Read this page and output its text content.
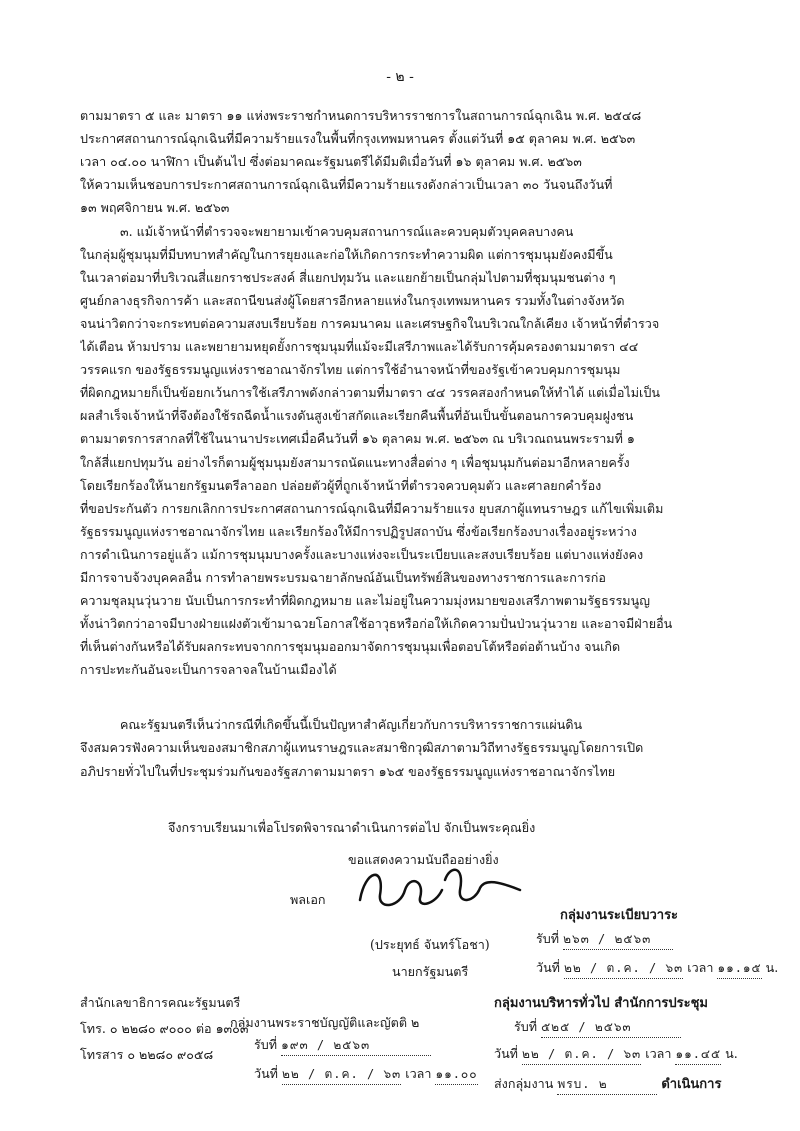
- ๒ -
ตามมาตรา ๕ และ มาตรา ๑๑ แห่งพระราชกำหนดการบริหารราชการในสถานการณ์ฉุกเฉิน พ.ศ. ๒๕๔๘
ประกาศสถานการณ์ฉุกเฉินที่มีความร้ายแรงในพื้นที่กรุงเทพมหานคร ตั้งแต่วันที่ ๑๕ ตุลาคม พ.ศ. ๒๕๖๓
เวลา ๐๔.๐๐ นาฬิกา เป็นต้นไป ซึ่งต่อมาคณะรัฐมนตรีได้มีมติเมื่อวันที่ ๑๖ ตุลาคม พ.ศ. ๒๕๖๓
ให้ความเห็นชอบการประกาศสถานการณ์ฉุกเฉินที่มีความร้ายแรงดังกล่าวเป็นเวลา ๓๐ วันจนถึงวันที่
๑๓ พฤศจิกายน พ.ศ. ๒๕๖๓
๓. แม้เจ้าหน้าที่ตำรวจจะพยายามเข้าควบคุมสถานการณ์และควบคุมตัวบุคคลบางคน
ในกลุ่มผู้ชุมนุมที่มีบทบาทสำคัญในการยุยงและก่อให้เกิดการกระทำความผิด แต่การชุมนุมยังคงมีขึ้น
ในเวลาต่อมาที่บริเวณสี่แยกราชประสงค์ สี่แยกปทุมวัน และแยกย้ายเป็นกลุ่มไปตามที่ชุมนุมชนต่าง ๆ
ศูนย์กลางธุรกิจการค้า และสถานีขนส่งผู้โดยสารอีกหลายแห่งในกรุงเทพมหานคร รวมทั้งในต่างจังหวัด
จนน่าวิตกว่าจะกระทบต่อความสงบเรียบร้อย การคมนาคม และเศรษฐกิจในบริเวณใกล้เคียง เจ้าหน้าที่ตำรวจ
ได้เตือน ห้ามปราม และพยายามหยุดยั้งการชุมนุมที่แม้จะมีเสรีภาพและได้รับการคุ้มครองตามมาตรา ๔๔
วรรคแรก ของรัฐธรรมนูญแห่งราชอาณาจักรไทย แต่การใช้อำนาจหน้าที่ของรัฐเข้าควบคุมการชุมนุม
ที่ผิดกฎหมายก็เป็นข้อยกเว้นการใช้เสรีภาพดังกล่าวตามที่มาตรา ๔๔ วรรคสองกำหนดให้ทำได้ แต่เมื่อไม่เป็น
ผลสำเร็จเจ้าหน้าที่จึงต้องใช้รถฉีดน้ำแรงดันสูงเข้าสกัดและเรียกคืนพื้นที่อันเป็นขั้นตอนการควบคุมฝูงชน
ตามมาตรการสากลที่ใช้ในนานาประเทศเมื่อคืนวันที่ ๑๖ ตุลาคม พ.ศ. ๒๕๖๓ ณ บริเวณถนนพระรามที่ ๑
ใกล้สี่แยกปทุมวัน อย่างไรก็ตามผู้ชุมนุมยังสามารถนัดแนะทางสื่อต่าง ๆ เพื่อชุมนุมกันต่อมาอีกหลายครั้ง
โดยเรียกร้องให้นายกรัฐมนตรีลาออก ปล่อยตัวผู้ที่ถูกเจ้าหน้าที่ตำรวจควบคุมตัว และศาลยกคำร้อง
ที่ขอประกันตัว การยกเลิกการประกาศสถานการณ์ฉุกเฉินที่มีความร้ายแรง ยุบสภาผู้แทนราษฎร แก้ไขเพิ่มเติม
รัฐธรรมนูญแห่งราชอาณาจักรไทย และเรียกร้องให้มีการปฏิรูปสถาบัน ซึ่งข้อเรียกร้องบางเรื่องอยู่ระหว่าง
การดำเนินการอยู่แล้ว แม้การชุมนุมบางครั้งและบางแห่งจะเป็นระเบียบและสงบเรียบร้อย แต่บางแห่งยังคง
มีการจาบจ้วงบุคคลอื่น การทำลายพระบรมฉายาลักษณ์อันเป็นทรัพย์สินของทางราชการและการก่อ
ความชุลมุนวุ่นวาย นับเป็นการกระทำที่ผิดกฎหมาย และไม่อยู่ในความมุ่งหมายของเสรีภาพตามรัฐธรรมนูญ
ทั้งน่าวิตกว่าอาจมีบางฝ่ายแฝงตัวเข้ามาฉวยโอกาสใช้อาวุธหรือก่อให้เกิดความปั่นป่วนวุ่นวาย และอาจมีฝ่ายอื่น
ที่เห็นต่างกันหรือได้รับผลกระทบจากการชุมนุมออกมาจัดการชุมนุมเพื่อตอบโต้หรือต่อต้านบ้าง จนเกิด
การปะทะกันอันจะเป็นการจลาจลในบ้านเมืองได้
คณะรัฐมนตรีเห็นว่ากรณีที่เกิดขึ้นนี้เป็นปัญหาสำคัญเกี่ยวกับการบริหารราชการแผ่นดิน
จึงสมควรฟังความเห็นของสมาชิกสภาผู้แทนราษฎรและสมาชิกวุฒิสภาตามวิถีทางรัฐธรรมนูญโดยการเปิด
อภิปรายทั่วไปในที่ประชุมร่วมกันของรัฐสภาตามมาตรา ๑๖๕ ของรัฐธรรมนูญแห่งราชอาณาจักรไทย
จึงกราบเรียนมาเพื่อโปรดพิจารณาดำเนินการต่อไป จักเป็นพระคุณยิ่ง
ขอแสดงความนับถืออย่างยิ่ง
พลเอก
(ประยุทธ์ จันทร์โอชา)
นายกรัฐมนตรี
สำนักเลขาธิการคณะรัฐมนตรี
โทร. ๐ ๒๒๘๐ ๙๐๐๐ ต่อ ๑๓๐๓
โทรสาร ๐ ๒๒๘๐ ๙๐๕๘
กลุ่มงานระเบียบวาระ
รับที่ ๒๖๓ / ๒๕๖๓
วันที่ ๒๒ / ต.ค. / ๖๓ เวลา ๑๑.๑๕ น.
กลุ่มงานบริหารทั่วไป สำนักการประชุม
รับที่ ๕๒๕ / ๒๕๖๓
วันที่ ๒๒ / ต.ค. / ๖๓ เวลา ๑๑.๔๕ น.
ส่งกลุ่มงาน พรบ. ๒	ดำเนินการ
กลุ่มงานพระราชบัญญัติและญัตติ ๒
รับที่ ๑๙๓ / ๒๕๖๓
วันที่ ๒๒ / ต.ค. / ๖๓ เวลา ๑๑.๐๐
